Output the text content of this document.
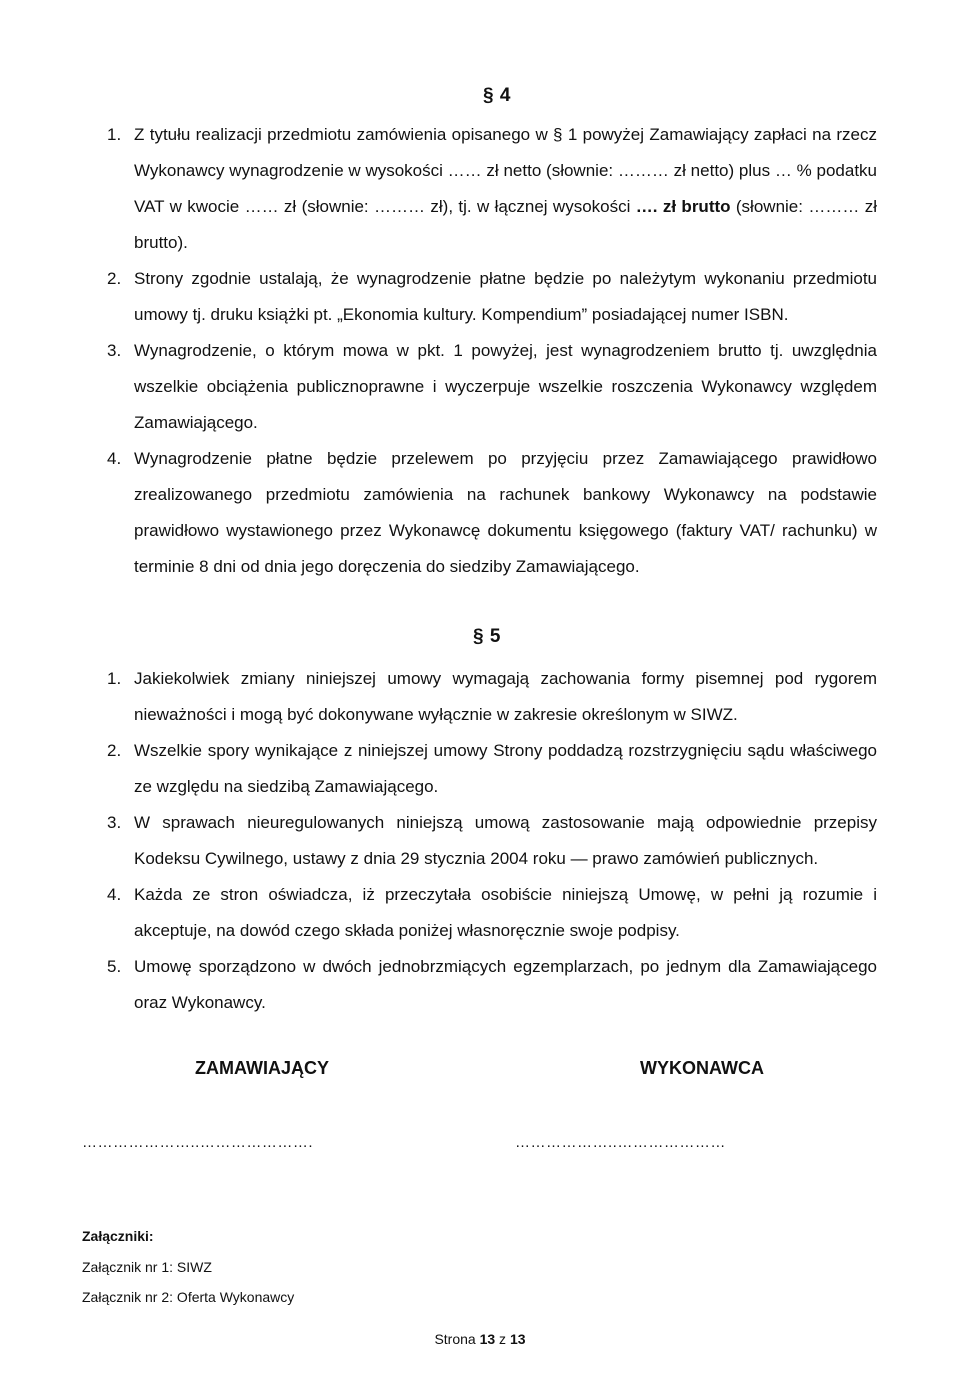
§ 4
1. Z tytułu realizacji przedmiotu zamówienia opisanego w § 1 powyżej Zamawiający zapłaci na rzecz Wykonawcy wynagrodzenie w wysokości …… zł netto (słownie: ……… zł netto) plus … % podatku VAT w kwocie …… zł (słownie: ……… zł), tj. w łącznej wysokości …. zł brutto (słownie: ……… zł brutto).
2. Strony zgodnie ustalają, że wynagrodzenie płatne będzie po należytym wykonaniu przedmiotu umowy tj. druku książki pt. „Ekonomia kultury. Kompendium” posiadającej numer ISBN.
3. Wynagrodzenie, o którym mowa w pkt. 1 powyżej, jest wynagrodzeniem brutto tj. uwzględnia wszelkie obciążenia publicznoprawne i wyczerpuje wszelkie roszczenia Wykonawcy względem Zamawiającego.
4. Wynagrodzenie płatne będzie przelewem po przyjęciu przez Zamawiającego prawidłowo zrealizowanego przedmiotu zamówienia na rachunek bankowy Wykonawcy na podstawie prawidłowo wystawionego przez Wykonawcę dokumentu księgowego (faktury VAT/ rachunku) w terminie 8 dni od dnia jego doręczenia do siedziby Zamawiającego.
§ 5
1. Jakiekolwiek zmiany niniejszej umowy wymagają zachowania formy pisemnej pod rygorem nieważności i mogą być dokonywane wyłącznie w zakresie określonym w SIWZ.
2. Wszelkie spory wynikające z niniejszej umowy Strony poddadzą rozstrzygnięciu sądu właściwego ze względu na siedzibą Zamawiającego.
3. W sprawach nieuregulowanych niniejszą umową zastosowanie mają odpowiednie przepisy Kodeksu Cywilnego, ustawy z dnia 29 stycznia 2004 roku — prawo zamówień publicznych.
4. Każda ze stron oświadcza, iż przeczytała osobiście niniejszą Umowę, w pełni ją rozumie i akceptuje, na dowód czego składa poniżej własnoręcznie swoje podpisy.
5. Umowę sporządzono w dwóch jednobrzmiących egzemplarzach, po jednym dla Zamawiającego oraz Wykonawcy.
ZAMAWIAJĄCY	WYKONAWCA
…………………..………………….	………………..…………………
Załączniki:
Załącznik nr 1: SIWZ
Załącznik nr 2: Oferta Wykonawcy
Strona 13 z 13
